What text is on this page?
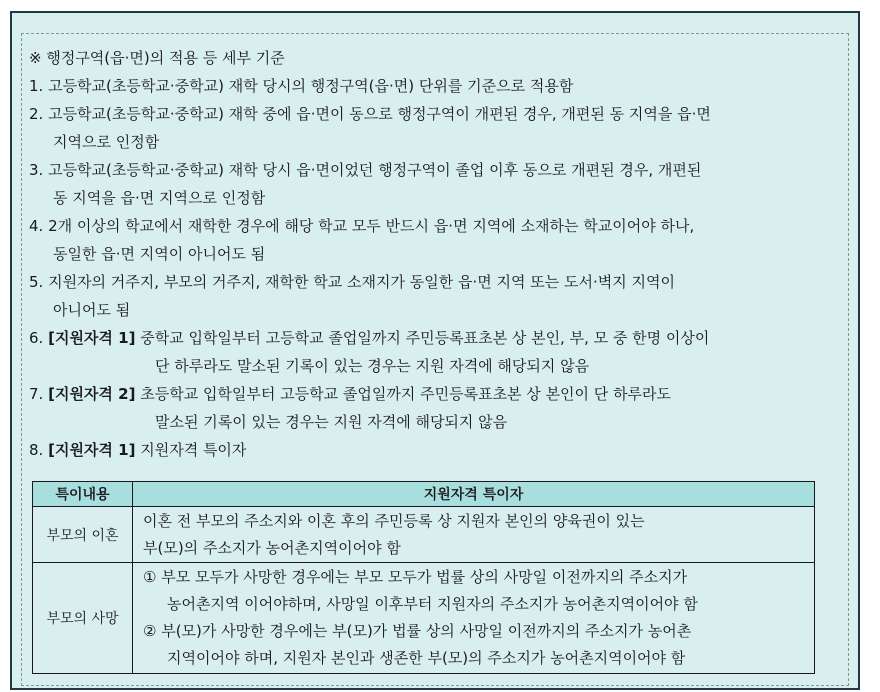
※ 행정구역(읍·면)의 적용 등 세부 기준
1. 고등학교(초등학교·중학교) 재학 당시의 행정구역(읍·면) 단위를 기준으로 적용함
2. 고등학교(초등학교·중학교) 재학 중에 읍·면이 동으로 행정구역이 개편된 경우, 개편된 동 지역을 읍·면
지역으로 인정함
3. 고등학교(초등학교·중학교) 재학 당시 읍·면이었던 행정구역이 졸업 이후 동으로 개편된 경우, 개편된
동 지역을 읍·면 지역으로 인정함
4. 2개 이상의 학교에서 재학한 경우에 해당 학교 모두 반드시 읍·면 지역에 소재하는 학교이어야 하나,
동일한 읍·면 지역이 아니어도 됨
5. 지원자의 거주지, 부모의 거주지, 재학한 학교 소재지가 동일한 읍·면 지역 또는 도서·벽지 지역이
아니어도 됨
6. [지원자격 1] 중학교 입학일부터 고등학교 졸업일까지 주민등록표초본 상 본인, 부, 모 중 한명 이상이
단 하루라도 말소된 기록이 있는 경우는 지원 자격에 해당되지 않음
7. [지원자격 2] 초등학교 입학일부터 고등학교 졸업일까지 주민등록표초본 상 본인이 단 하루라도
말소된 기록이 있는 경우는 지원 자격에 해당되지 않음
8. [지원자격 1] 지원자격 특이자
특이내용	지원자격 특이자
부모의 이혼	이혼 전 부모의 주소지와 이혼 후의 주민등록 상 지원자 본인의 양육권이 있는
부(모)의 주소지가 농어촌지역이어야 함

부모의 사망	① 부모 모두가 사망한 경우에는 부모 모두가 법률 상의 사망일 이전까지의 주소지가
농어촌지역 이어야하며, 사망일 이후부터 지원자의 주소지가 농어촌지역이어야 함
② 부(모)가 사망한 경우에는 부(모)가 법률 상의 사망일 이전까지의 주소지가 농어촌
지역이어야 하며, 지원자 본인과 생존한 부(모)의 주소지가 농어촌지역이어야 함
